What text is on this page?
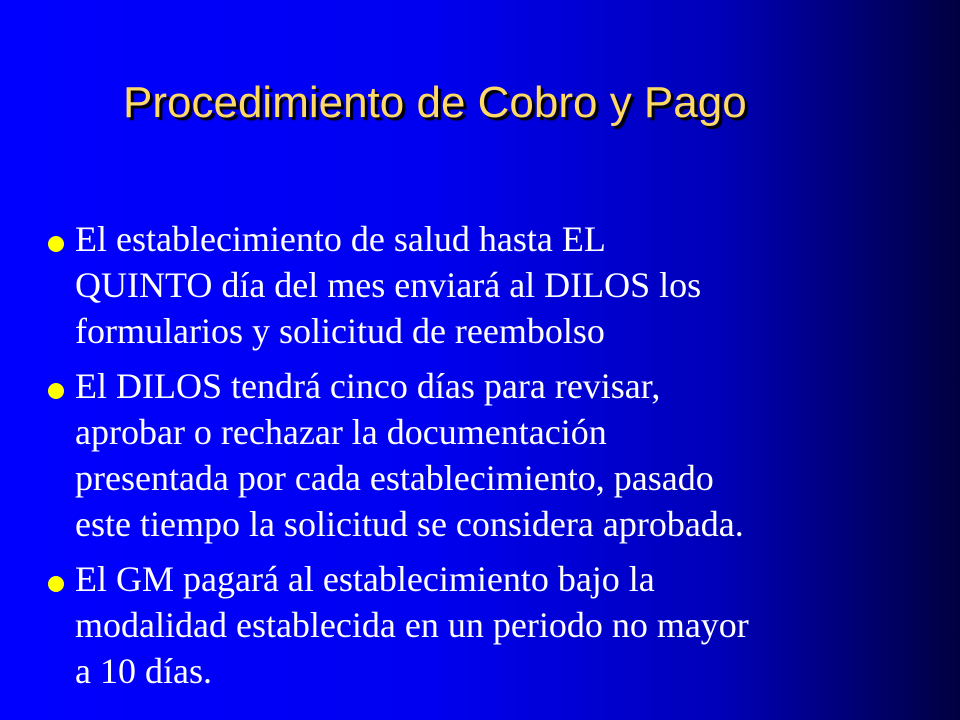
Procedimiento de Cobro y Pago
El establecimiento de salud hasta EL
QUINTO día del mes enviará al DILOS los
formularios y solicitud de reembolso
El DILOS tendrá cinco días para revisar,
aprobar o rechazar la documentación
presentada por cada establecimiento, pasado
este tiempo la solicitud se considera aprobada.
El GM pagará al establecimiento bajo la
modalidad establecida en un periodo no mayor
a 10 días.
